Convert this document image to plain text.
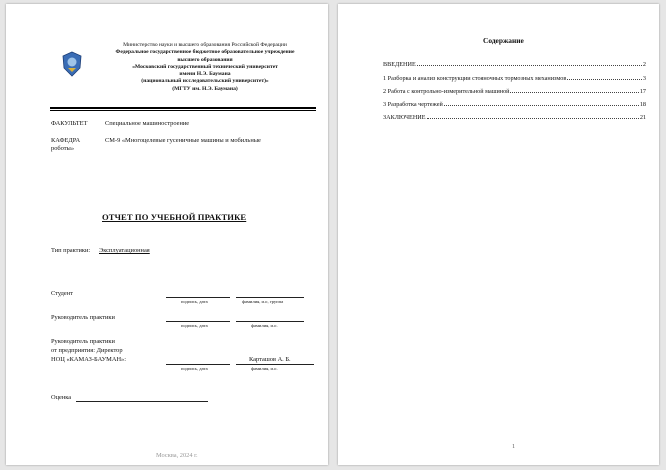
Министерство науки и высшего образования Российской Федерации
Федеральное государственное бюджетное образовательное учреждение
высшего образования
«Московский государственный технический университет
имени Н.Э. Баумана
(национальный исследовательский университет)»
(МГТУ им. Н.Э. Баумана)
ФАКУЛЬТЕТ	Специальное машиностроение
КАФЕДРА	СМ-9 «Многоцелевые гусеничные машины и мобильные
роботы»
ОТЧЕТ ПО УЧЕБНОЙ ПРАКТИКЕ
Тип практики: Эксплуатационная
Студент
подпись, дата	фамилия, и.о, группа
Руководитель практики
подпись, дата	фамилия, и.о.
Руководитель практики
от предприятия: Директор
НОЦ «КАМАЗ-БАУМАН»:	Карташов А. Б.
подпись, дата	фамилия, и.о.
Оценка
Москва, 2024 г.
Содержание
ВВЕДЕНИЕ	2
1 Разборка и анализ конструкции стояночных тормозных механизмов	3
2 Работа с контрольно-измерительной машиной	17
3 Разработка чертежей	18
ЗАКЛЮЧЕНИЕ	21
1
